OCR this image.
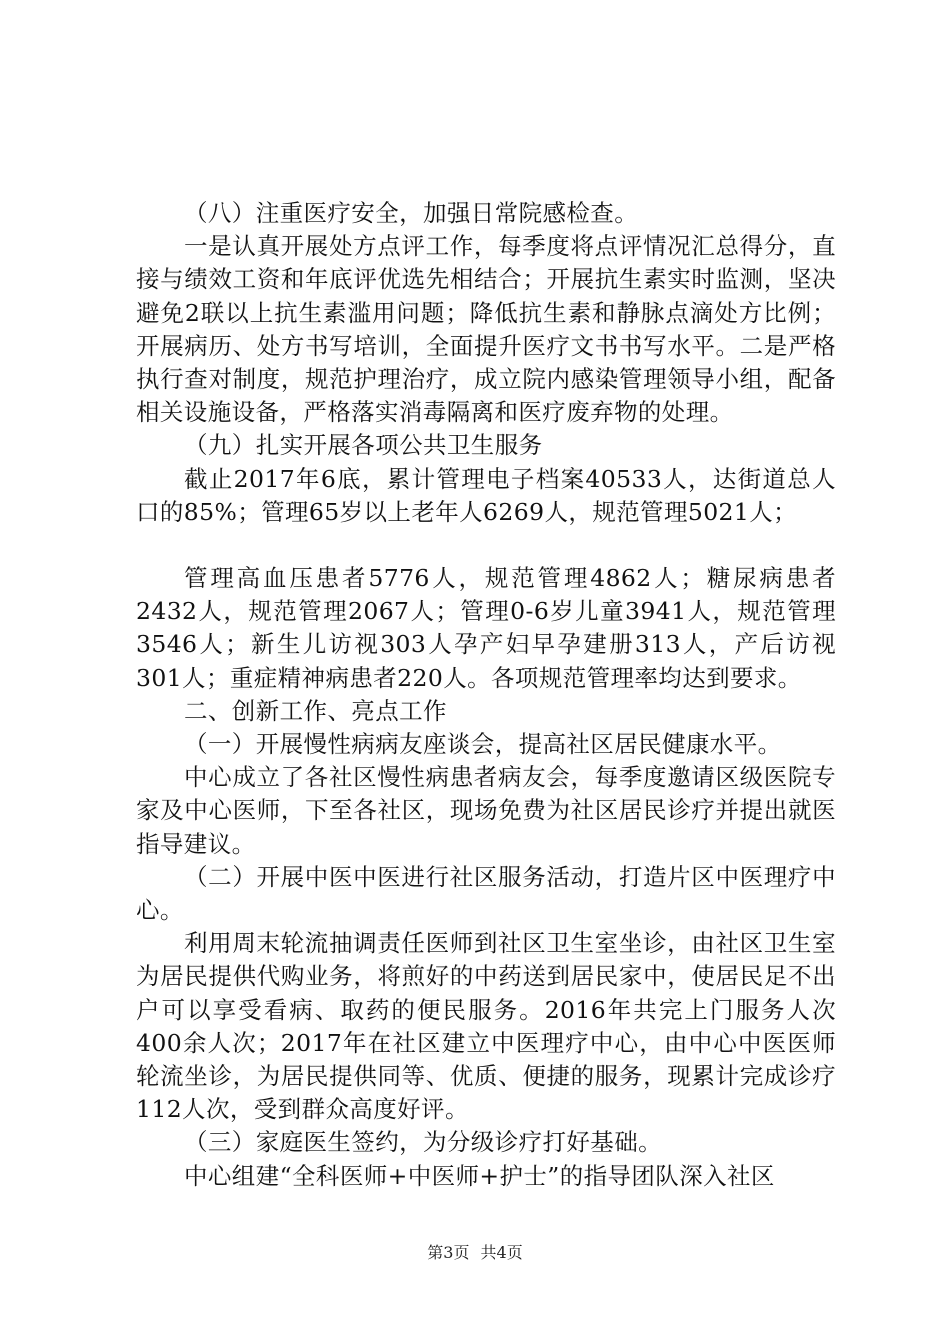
（八）注重医疗安全，加强日常院感检查。

一是认真开展处方点评工作，每季度将点评情况汇总得分，直接与绩效工资和年底评优选先相结合；开展抗生素实时监测，坚决避免2联以上抗生素滥用问题；降低抗生素和静脉点滴处方比例；开展病历、处方书写培训，全面提升医疗文书书写水平。二是严格执行查对制度，规范护理治疗，成立院内感染管理领导小组，配备相关设施设备，严格落实消毒隔离和医疗废弃物的处理。

（九）扎实开展各项公共卫生服务

截止2017年6底，累计管理电子档案40533人，达街道总人口的85%；管理65岁以上老年人6269人，规范管理5021人；

管理高血压患者5776人，规范管理4862人；糖尿病患者2432人，规范管理2067人；管理0-6岁儿童3941人，规范管理3546人；新生儿访视303人孕产妇早孕建册313人，产后访视301人；重症精神病患者220人。各项规范管理率均达到要求。

二、创新工作、亮点工作

（一）开展慢性病病友座谈会，提高社区居民健康水平。

中心成立了各社区慢性病患者病友会，每季度邀请区级医院专家及中心医师，下至各社区，现场免费为社区居民诊疗并提出就医指导建议。

（二）开展中医中医进行社区服务活动，打造片区中医理疗中心。

利用周末轮流抽调责任医师到社区卫生室坐诊，由社区卫生室为居民提供代购业务，将煎好的中药送到居民家中，使居民足不出户可以享受看病、取药的便民服务。2016年共完上门服务人次400余人次；2017年在社区建立中医理疗中心，由中心中医医师轮流坐诊，为居民提供同等、优质、便捷的服务，现累计完成诊疗112人次，受到群众高度好评。

（三）家庭医生签约，为分级诊疗打好基础。

中心组建“全科医师+中医师+护士”的指导团队深入社区

第3页 共4页
